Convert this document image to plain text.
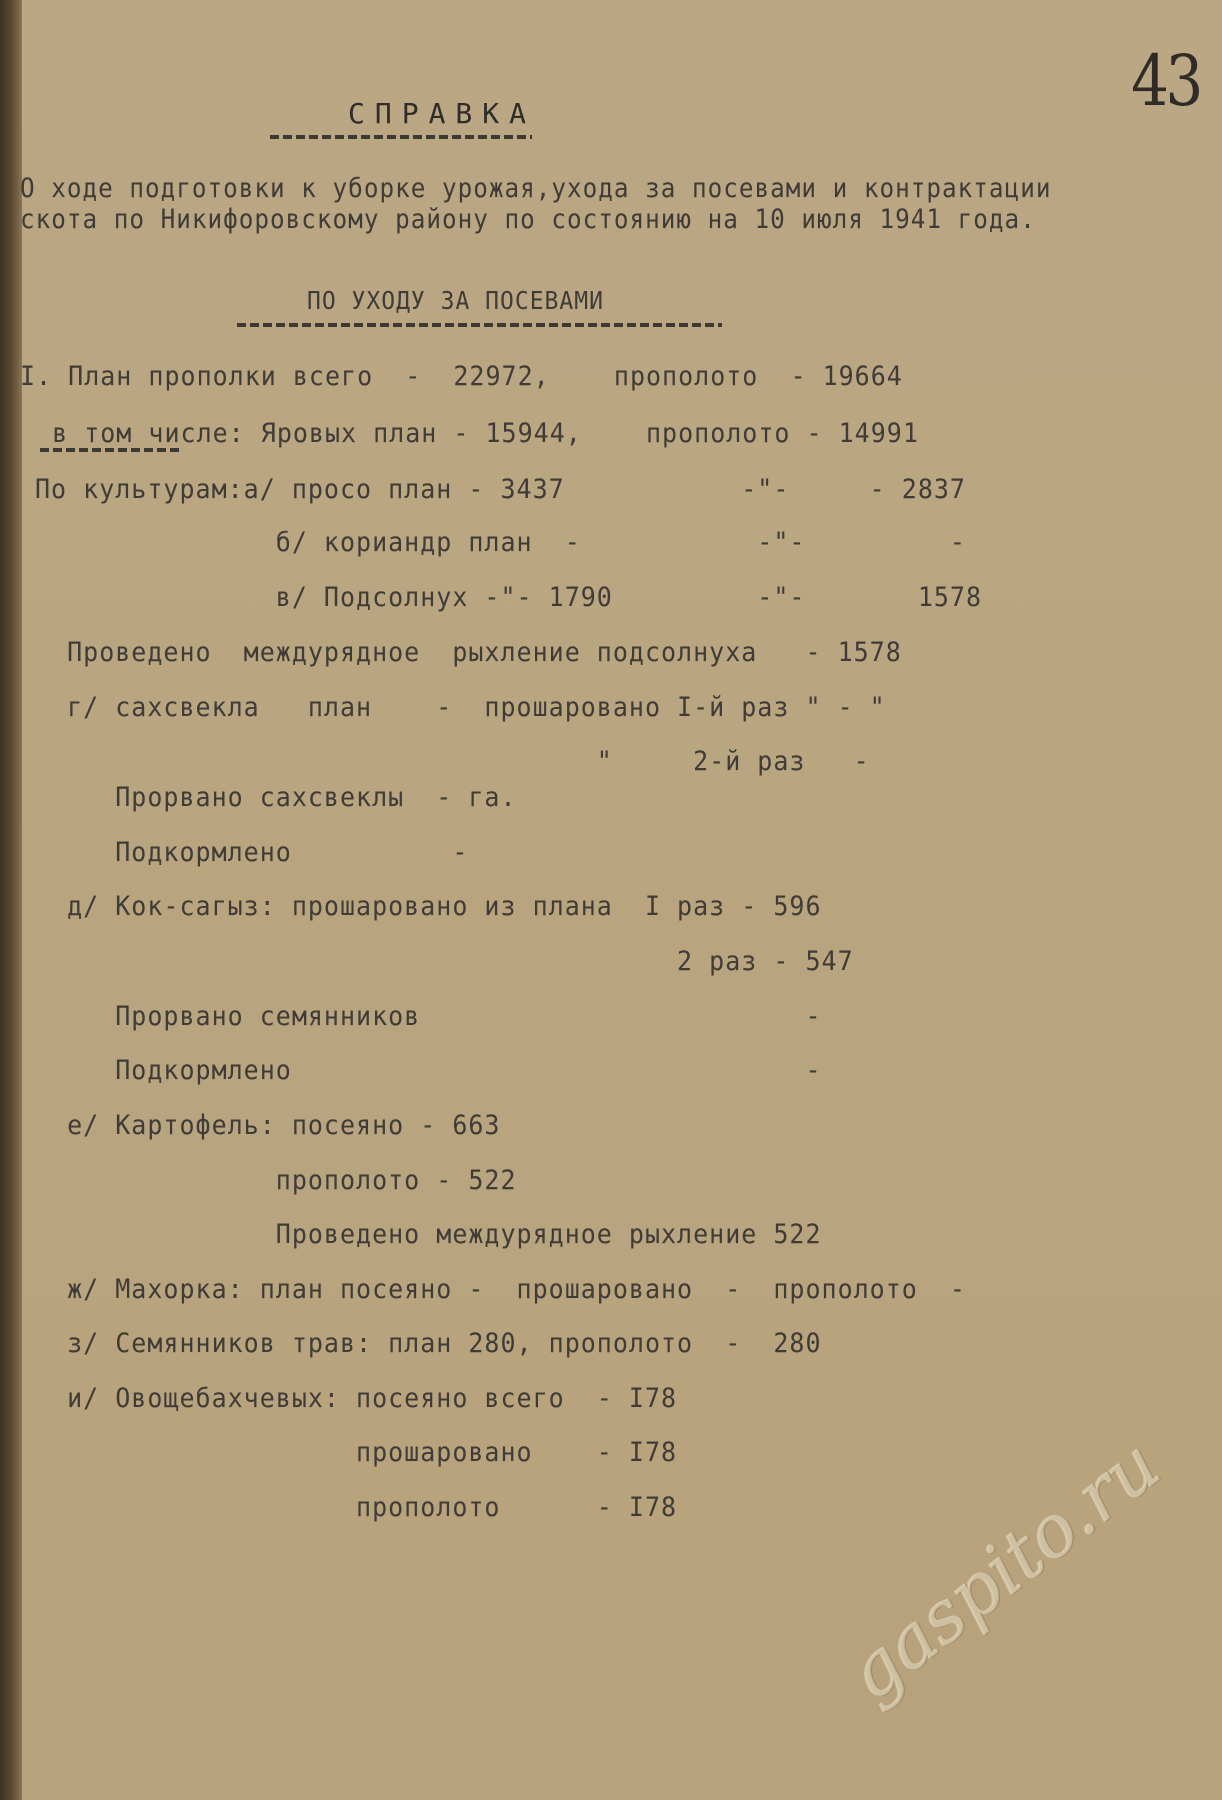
43
СПРАВКА
О ходе подготовки к уборке урожая,ухода за посевами и контрактации
скота по Никифоровскому району по состоянию на 10 июля 1941 года.
ПО УХОДУ ЗА ПОСЕВАМИ
I. План прополки всего  -  22972,    прополото  - 19664
в том числе: Яровых план - 15944,    прополото - 14991
По культурам:а/ просо план - 3437           -"-     - 2837
б/ кориандр план  -           -"-         -
в/ Подсолнух -"- 1790         -"-       1578
Проведено  междурядное  рыхление подсолнуха   - 1578
г/ сахсвекла   план    -  прошаровано I-й раз " - "
"     2-й раз   -
Прорвано сахсвеклы  - га.
Подкормлено          -
д/ Кок-сагыз: прошаровано из плана  I раз - 596
2 раз - 547
Прорвано семянников                        -
Подкормлено                                -
е/ Картофель: посеяно - 663
прополото - 522
Проведено междурядное рыхление 522
ж/ Махорка: план посеяно -  прошаровано  -  прополото  -
з/ Семянников трав: план 280, прополото  -  280
и/ Овощебахчевых: посеяно всего  - I78
прошаровано    - I78
прополото      - I78 gaspito.ru
